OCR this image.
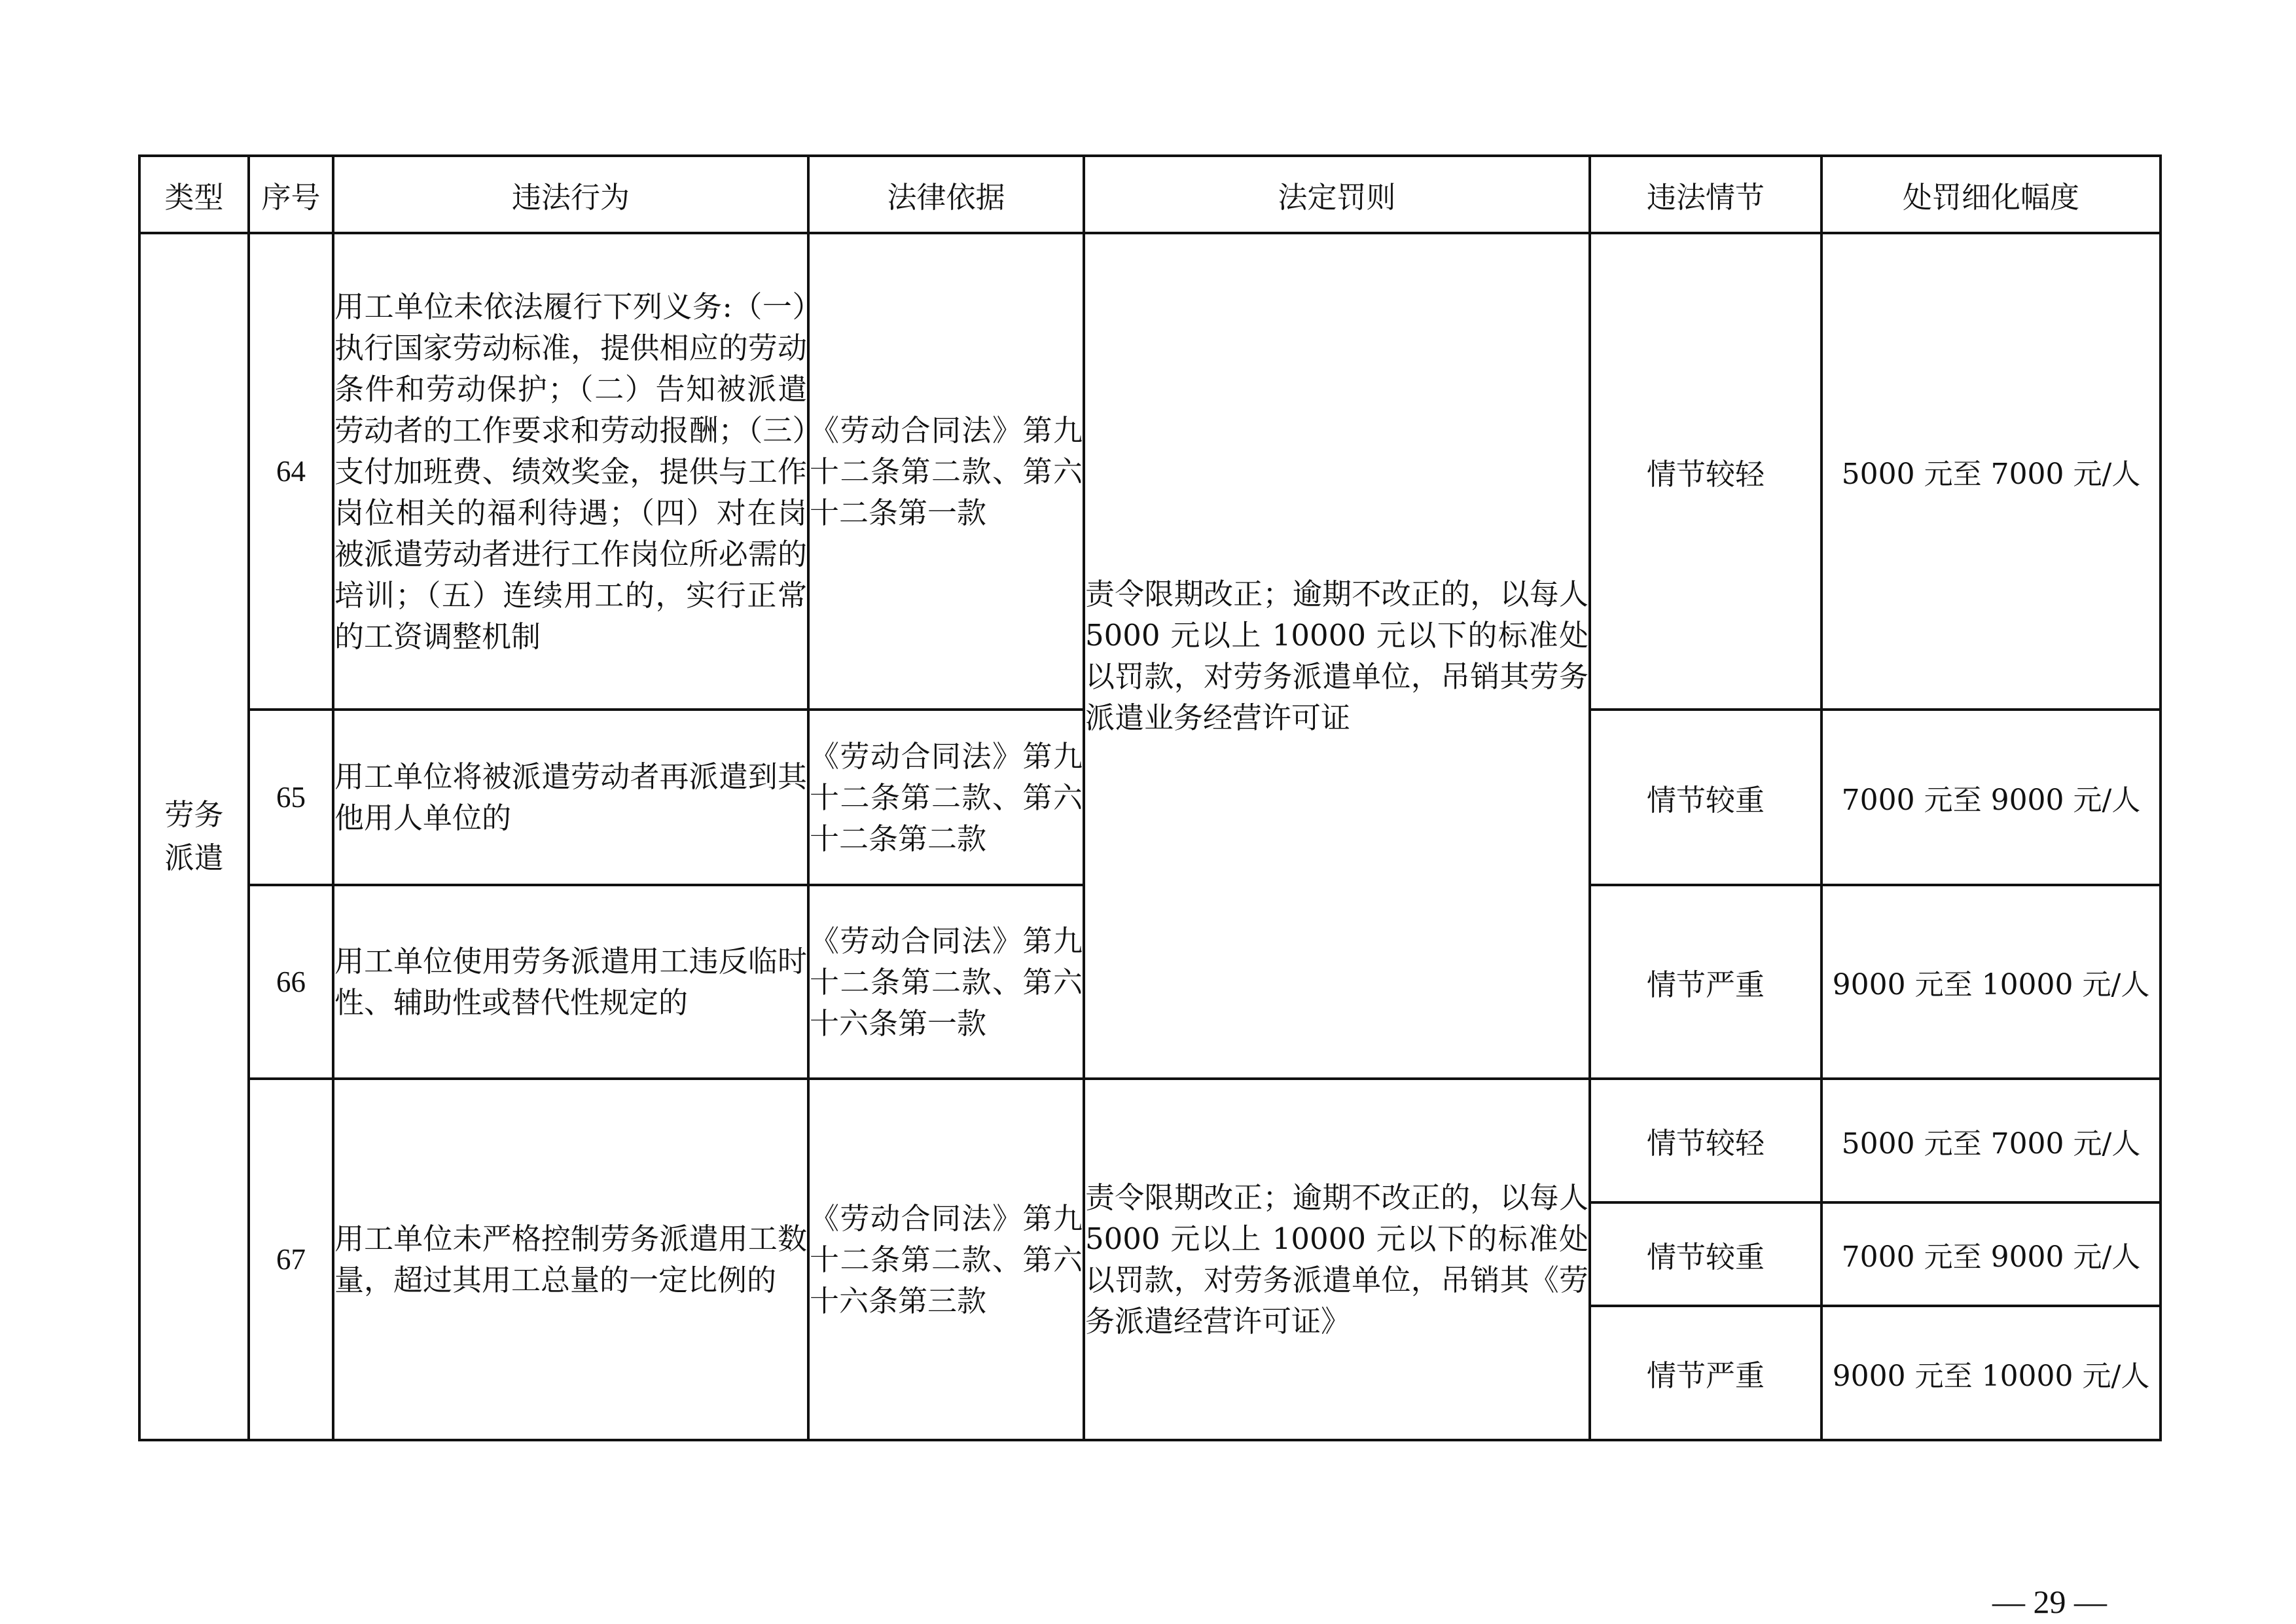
类型	序号	违法行为	法律依据	法定罚则	违法情节	处罚细化幅度

劳务派遣	64	用工单位未依法履行下列义务:（一）执行国家劳动标准，提供相应的劳动条件和劳动保护；（二）告知被派遣劳动者的工作要求和劳动报酬；（三）支付加班费、绩效奖金，提供与工作岗位相关的福利待遇；（四）对在岗被派遣劳动者进行工作岗位所必需的培训；（五）连续用工的，实行正常的工资调整机制	《劳动合同法》第九十二条第二款、第六十二条第一款	责令限期改正；逾期不改正的，以每人 5000 元以上 10000 元以下的标准处以罚款，对劳务派遣单位，吊销其劳务派遣业务经营许可证	情节较轻	5000 元至 7000 元/人
	65	用工单位将被派遣劳动者再派遣到其他用人单位的	《劳动合同法》第九十二条第二款、第六十二条第二款		情节较重	7000 元至 9000 元/人
	66	用工单位使用劳务派遣用工违反临时性、辅助性或替代性规定的	《劳动合同法》第九十二条第二款、第六十六条第一款		情节严重	9000 元至 10000 元/人
	67	用工单位未严格控制劳务派遣用工数量，超过其用工总量的一定比例的	《劳动合同法》第九十二条第二款、第六十六条第三款	责令限期改正；逾期不改正的，以每人 5000 元以上 10000 元以下的标准处以罚款，对劳务派遣单位，吊销其《劳务派遣经营许可证》	情节较轻	5000 元至 7000 元/人
					情节较重	7000 元至 9000 元/人
					情节严重	9000 元至 10000 元/人
— 29 —
